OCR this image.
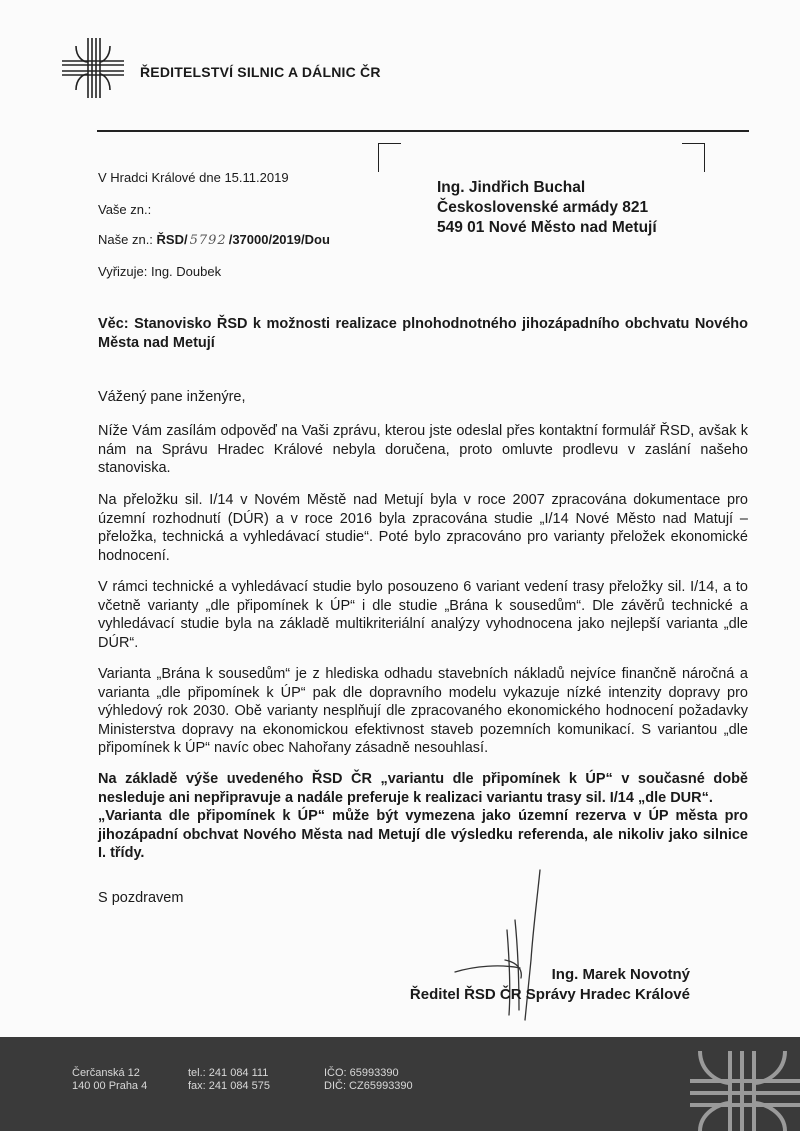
ŘEDITELSTVÍ SILNIC A DÁLNIC ČR
V Hradci Králové dne 15.11.2019
Vaše zn.:
Naše zn.: ŘSD/ 5792 /37000/2019/Dou
Vyřizuje: Ing. Doubek
Ing. Jindřich Buchal
Československé armády 821
549 01 Nové Město nad Metují
Věc: Stanovisko ŘSD k možnosti realizace plnohodnotného jihozápadního obchvatu Nového Města nad Metují
Vážený pane inženýre,
Níže Vám zasílám odpověď na Vaši zprávu, kterou jste odeslal přes kontaktní formulář ŘSD, avšak k nám na Správu Hradec Králové nebyla doručena, proto omluvte prodlevu v zaslání našeho stanoviska.
Na přeložku sil. I/14 v Novém Městě nad Metují byla v roce 2007 zpracována dokumentace pro územní rozhodnutí (DÚR) a v roce 2016 byla zpracována studie „I/14 Nové Město nad Matují – přeložka, technická a vyhledávací studie“. Poté bylo zpracováno pro varianty přeložek ekonomické hodnocení.
V rámci technické a vyhledávací studie bylo posouzeno 6 variant vedení trasy přeložky sil. I/14, a to včetně varianty „dle připomínek k ÚP“ i dle studie „Brána k sousedům“. Dle závěrů technické a vyhledávací studie byla na základě multikriteriální analýzy vyhodnocena jako nejlepší varianta „dle DÚR“.
Varianta „Brána k sousedům“ je z hlediska odhadu stavebních nákladů nejvíce finančně náročná a varianta „dle připomínek k ÚP“ pak dle dopravního modelu vykazuje nízké intenzity dopravy pro výhledový rok 2030. Obě varianty nesplňují dle zpracovaného ekonomického hodnocení požadavky Ministerstva dopravy na ekonomickou efektivnost staveb pozemních komunikací. S variantou „dle připomínek k ÚP“ navíc obec Nahořany zásadně nesouhlasí.
Na základě výše uvedeného ŘSD ČR „variantu dle připomínek k ÚP“ v současné době nesleduje ani nepřipravuje a nadále preferuje k realizaci variantu trasy sil. I/14 „dle DUR“.
„Varianta dle připomínek k ÚP“ může být vymezena jako územní rezerva v ÚP města pro jihozápadní obchvat Nového Města nad Metují dle výsledku referenda, ale nikoliv jako silnice I. třídy.
S pozdravem
Ing. Marek Novotný
Ředitel ŘSD ČR Správy Hradec Králové
Čerčanská 12
140 00 Praha 4
tel.: 241 084 111
fax: 241 084 575
IČO: 65993390
DIČ: CZ65993390
